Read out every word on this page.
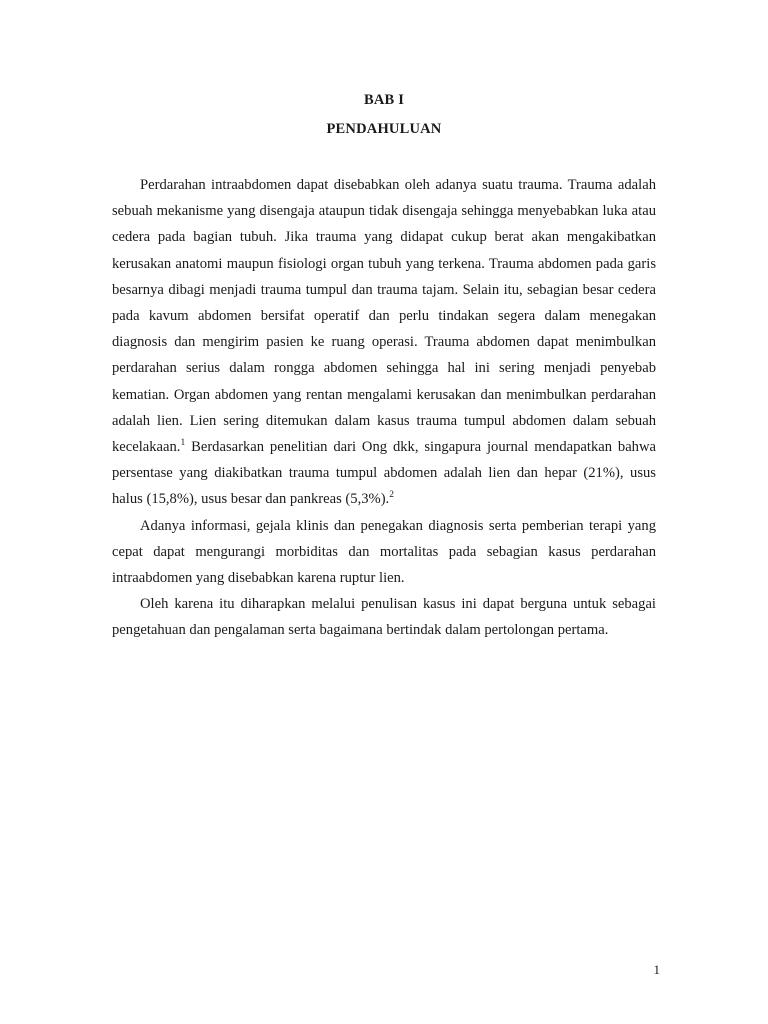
BAB I
PENDAHULUAN

Perdarahan intraabdomen dapat disebabkan oleh adanya suatu trauma. Trauma adalah sebuah mekanisme yang disengaja ataupun tidak disengaja sehingga menyebabkan luka atau cedera pada bagian tubuh. Jika trauma yang didapat cukup berat akan mengakibatkan kerusakan anatomi maupun fisiologi organ tubuh yang terkena. Trauma abdomen pada garis besarnya dibagi menjadi trauma tumpul dan trauma tajam. Selain itu, sebagian besar cedera pada kavum abdomen bersifat operatif dan perlu tindakan segera dalam menegakan diagnosis dan mengirim pasien ke ruang operasi. Trauma abdomen dapat menimbulkan perdarahan serius dalam rongga abdomen sehingga hal ini sering menjadi penyebab kematian. Organ abdomen yang rentan mengalami kerusakan dan menimbulkan perdarahan adalah lien. Lien sering ditemukan dalam kasus trauma tumpul abdomen dalam sebuah kecelakaan.$^1$ Berdasarkan penelitian dari Ong dkk, singapura journal mendapatkan bahwa persentase yang diakibatkan trauma tumpul abdomen adalah lien dan hepar (21%), usus halus (15,8%), usus besar dan pankreas (5,3%).$^2$

Adanya informasi, gejala klinis dan penegakan diagnosis serta pemberian terapi yang cepat dapat mengurangi morbiditas dan mortalitas pada sebagian kasus perdarahan intraabdomen yang disebabkan karena ruptur lien.

Oleh karena itu diharapkan melalui penulisan kasus ini dapat berguna untuk sebagai pengetahuan dan pengalaman serta bagaimana bertindak dalam pertolongan pertama.

1
